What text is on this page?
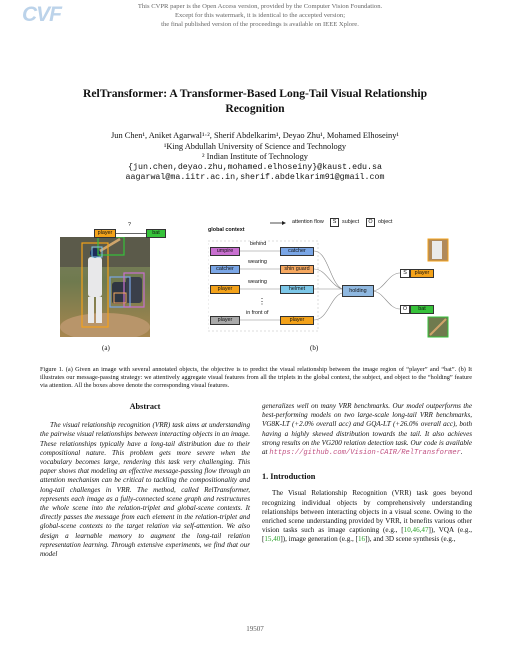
CVF	This CVPR paper is the Open Access version, provided by the Computer Vision Foundation.
Except for this watermark, it is identical to the accepted version;
the final published version of the proceedings is available on IEEE Xplore.
RelTransformer: A Transformer-Based Long-Tail Visual Relationship
Recognition
Jun Chen¹, Aniket Agarwal¹·², Sherif Abdelkarim¹, Deyao Zhu¹, Mohamed Elhoseiny¹
¹King Abdullah University of Science and Technology
² Indian Institute of Technology
{jun.chen,deyao.zhu,mohamed.elhoseiny}@kaust.edu.sa
aagarwal@ma.iitr.ac.in,sherif.abdelkarim91@gmail.com
player
?
bat
(a)
attention flow	S	subject	O	object
global context
umpire
behind
catcher
catcher
wearing
shin guard
player
wearing
helmet
⋮
player
in front of
player
holding
S	player
O	bat
(b)
Figure 1. (a) Given an image with several annotated objects, the objective is to predict the visual relationship between the image region of “player” and “bat”. (b) It illustrates our message-passing strategy: we attentively aggregate visual features from all the triplets in the global context, the subject, and object to the “holding” feature via attention. All the boxes above denote the corresponding visual features.
Abstract
The visual relationship recognition (VRR) task aims at understanding the pairwise visual relationships between interacting objects in an image. These relationships typically have a long-tail distribution due to their compositional nature. This problem gets more severe when the vocabulary becomes large, rendering this task very challenging. This paper shows that modeling an effective message-passing flow through an attention mechanism can be critical to tackling the compositionality and long-tail challenges in VRR. The method, called RelTransformer, represents each image as a fully-connected scene graph and restructures the whole scene into the relation-triplet and global-scene contexts. It directly passes the message from each element in the relation-triplet and global-scene contexts to the target relation via self-attention. We also design a learnable memory to augment the long-tail relation representation learning. Through extensive experiments, we find that our model
generalizes well on many VRR benchmarks. Our model outperforms the best-performing models on two large-scale long-tail VRR benchmarks, VG8K-LT (+2.0% overall acc) and GQA-LT (+26.0% overall acc), both having a highly skewed distribution towards the tail. It also achieves strong results on the VG200 relation detection task. Our code is available at https://github.com/Vision-CAIR/RelTransformer.
1. Introduction
The Visual Relationship Recognition (VRR) task goes beyond recognizing individual objects by comprehensively understanding relationships between interacting objects in a visual scene. Owing to the enriched scene understanding provided by VRR, it benefits various other vision tasks such as image captioning (e.g., [10,46,47]), VQA (e.g., [15,40]), image generation (e.g., [16]), and 3D scene synthesis (e.g.,
19507
